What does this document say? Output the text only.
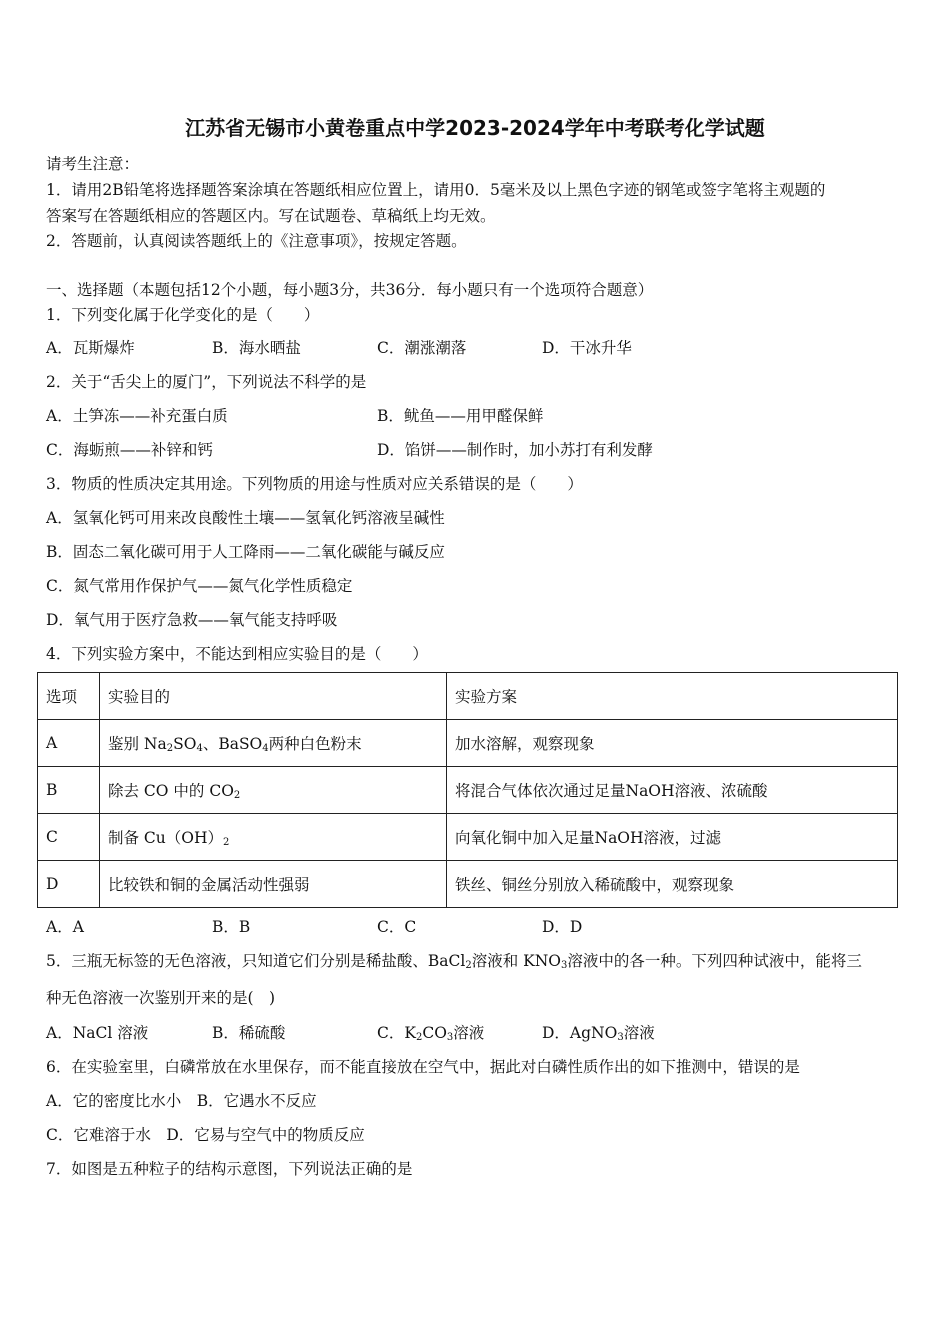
江苏省无锡市小黄卷重点中学2023-2024学年中考联考化学试题
请考生注意：
1．请用2B铅笔将选择题答案涂填在答题纸相应位置上，请用0．5毫米及以上黑色字迹的钢笔或签字笔将主观题的
答案写在答题纸相应的答题区内。写在试题卷、草稿纸上均无效。
2．答题前，认真阅读答题纸上的《注意事项》，按规定答题。
一、选择题（本题包括12个小题，每小题3分，共36分．每小题只有一个选项符合题意）
1．下列变化属于化学变化的是（　　）
A．瓦斯爆炸	B．海水晒盐	C．潮涨潮落	D．干冰升华
2．关于“舌尖上的厦门”，下列说法不科学的是
A．土笋冻——补充蛋白质	B．鱿鱼——用甲醛保鲜
C．海蛎煎——补锌和钙	D．馅饼——制作时，加小苏打有利发酵
3．物质的性质决定其用途。下列物质的用途与性质对应关系错误的是（　　）
A．氢氧化钙可用来改良酸性土壤——氢氧化钙溶液呈碱性
B．固态二氧化碳可用于人工降雨——二氧化碳能与碱反应
C．氮气常用作保护气——氮气化学性质稳定
D．氧气用于医疗急救——氧气能支持呼吸
4．下列实验方案中，不能达到相应实验目的是（　　）
选项	实验目的	实验方案
A	鉴别 $Na_2SO_4$、BaSO$_4$两种白色粉末	加水溶解，观察现象
B	除去 CO 中的 $CO_2$	将混合气体依次通过足量NaOH溶液、浓硫酸
C	制备 $Cu(OH)_2$	向氧化铜中加入足量NaOH溶液，过滤
D	比较铁和铜的金属活动性强弱	铁丝、铜丝分别放入稀硫酸中，观察现象
A．A	B．B	C．C	D．D
5．三瓶无标签的无色溶液，只知道它们分别是稀盐酸、BaCl$_2$溶液和 $KNO_3$溶液中的各一种。下列四种试液中，能将三
种无色溶液一次鉴别开来的是(　)
A．NaCl 溶液	B．稀硫酸	C．$K_2CO_3$溶液	D．AgNO$_3$溶液
6．在实验室里，白磷常放在水里保存，而不能直接放在空气中，据此对白磷性质作出的如下推测中，错误的是
A．它的密度比水小　B．它遇水不反应
C．它难溶于水　D．它易与空气中的物质反应
7．如图是五种粒子的结构示意图，下列说法正确的是
